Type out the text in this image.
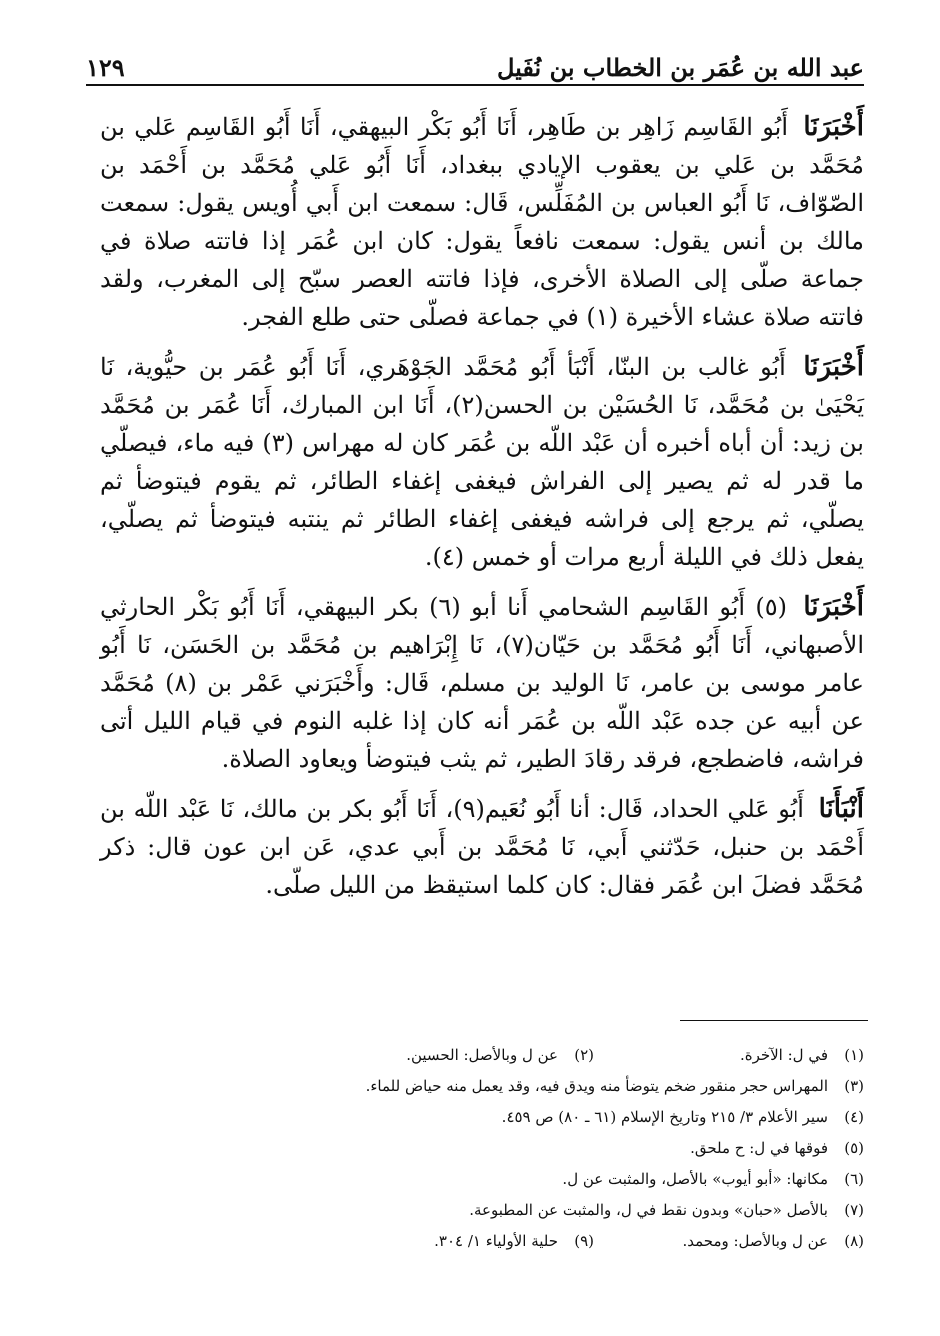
عبد الله بن عُمَر بن الخطاب بن نُفَيل
١٢٩

أَخْبَرَنَا أَبُو القَاسِم زَاهِر بن طَاهِر، أَنَا أَبُو بَكْر البيهقي، أَنَا أَبُو القَاسِم عَلي بن مُحَمَّد بن عَلي بن يعقوب الإيادي ببغداد، أَنَا أَبُو عَلي مُحَمَّد بن أَحْمَد بن الصّوّاف، نَا أَبُو العباس بن المُفَلِّس، قَال: سمعت ابن أَبي أُويس يقول: سمعت مالك بن أنس يقول: سمعت نافعاً يقول: كان ابن عُمَر إذا فاتته صلاة في جماعة صلّى إلى الصلاة الأخرى، فإذا فاتته العصر سبّح إلى المغرب، ولقد فاتته صلاة عشاء الأخيرة (١) في جماعة فصلّى حتى طلع الفجر.

أَخْبَرَنَا أَبُو غالب بن البنّا، أَنْبَأ أَبُو مُحَمَّد الجَوْهَري، أَنَا أَبُو عُمَر بن حيُّوية، نَا يَحْيَىٰ بن مُحَمَّد، نَا الحُسَيْن بن الحسن(٢)، أَنَا ابن المبارك، أَنَا عُمَر بن مُحَمَّد بن زيد: أن أباه أخبره أن عَبْد اللّه بن عُمَر كان له مهراس (٣) فيه ماء، فيصلّي ما قدر له ثم يصير إلى الفراش فيغفى إغفاء الطائر، ثم يقوم فيتوضأ ثم يصلّي، ثم يرجع إلى فراشه فيغفى إغفاء الطائر ثم ينتبه فيتوضأ ثم يصلّي، يفعل ذلك في الليلة أربع مرات أو خمس (٤).

أَخْبَرَنَا (٥) أَبُو القَاسِم الشحامي أَنا أبو (٦) بكر البيهقي، أَنَا أَبُو بَكْر الحارثي الأصبهاني، أَنَا أَبُو مُحَمَّد بن حَيّان(٧)، نَا إِبْرَاهيم بن مُحَمَّد بن الحَسَن، نَا أَبُو عامر موسى بن عامر، نَا الوليد بن مسلم، قَال: وأَخْبَرَني عَمْر بن (٨) مُحَمَّد عن أبيه عن جده عَبْد اللّه بن عُمَر أنه كان إذا غلبه النوم في قيام الليل أتى فراشه، فاضطجع، فرقد رقادَ الطير، ثم يثب فيتوضأ ويعاود الصلاة.

أَنْبَأَنَا أَبُو عَلي الحداد، قَال: أنا أَبُو نُعَيم(٩)، أَنَا أَبُو بكر بن مالك، نَا عَبْد اللّه بن أَحْمَد بن حنبل، حَدّثني أَبي، نَا مُحَمَّد بن أَبي عدي، عَن ابن عون قال: ذكر مُحَمَّد فضلَ ابن عُمَر فقال: كان كلما استيقظ من الليل صلّى.

(١)
في ل: الآخرة.
(٢)
عن ل وبالأصل: الحسين.
(٣)
المهراس حجر منقور ضخم يتوضأ منه ويدق فيه، وقد يعمل منه حياض للماء.
(٤)
سير الأعلام ٣/ ٢١٥ وتاريخ الإسلام (٦١ ـ ٨٠) ص ٤٥٩.
(٥)
فوقها في ل: ح ملحق.
(٦)
مكانها: «أبو أيوب» بالأصل، والمثبت عن ل.
(٧)
بالأصل «حبان» وبدون نقط في ل، والمثبت عن المطبوعة.
(٨)
عن ل وبالأصل: ومحمد.
(٩)
حلية الأولياء ١/ ٣٠٤.
